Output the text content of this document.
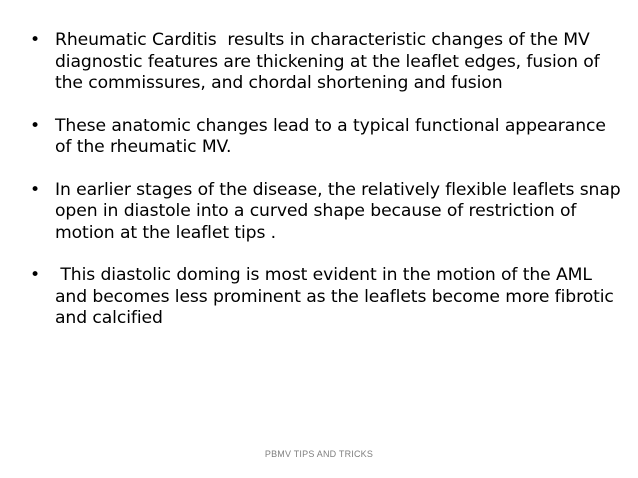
• Rheumatic Carditis  results in characteristic changes of the MV diagnostic features are thickening at the leaflet edges, fusion of the commissures, and chordal shortening and fusion
• These anatomic changes lead to a typical functional appearance of the rheumatic MV.
• In earlier stages of the disease, the relatively flexible leaflets snap open in diastole into a curved shape because of restriction of motion at the leaflet tips .
• This diastolic doming is most evident in the motion of the AML and becomes less prominent as the leaflets become more fibrotic and calcified
PBMV TIPS AND TRICKS
